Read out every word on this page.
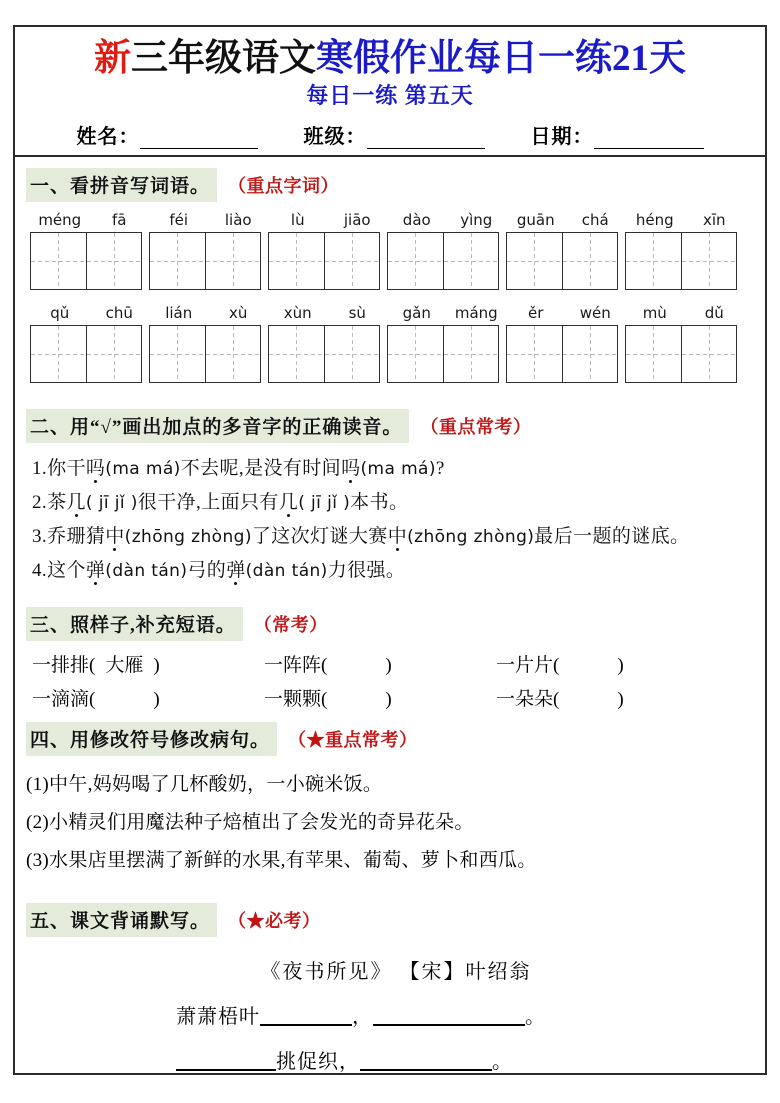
新三年级语文寒假作业每日一练21天
每日一练 第五天
姓名：	班级：	日期：
一、看拼音写词语。	（重点字词）
méng	fā	féi	liào	lù	jiāo	dào	yìng	guān	chá	héng	xīn
qǔ	chū	lián	xù	xùn	sù	gǎn	máng	ěr	wén	mù	dǔ
二、用“√”画出加点的多音字的正确读音。	（重点常考）
1.你干吗(ma má)不去呢,是没有时间吗(ma má)?
2.茶几( jī jǐ )很干净,上面只有几( jī jǐ )本书。
3.乔珊猜中(zhōng zhòng)了这次灯谜大赛中(zhōng zhòng)最后一题的谜底。
4.这个弹(dàn tán)弓的弹(dàn tán)力很强。
三、照样子,补充短语。	（常考）
一排排( 大雁 )	一阵阵(	)	一片片(	)
一滴滴(	)	一颗颗(	)	一朵朵(	)
四、用修改符号修改病句。	（★重点常考）
(1)中午,妈妈喝了几杯酸奶，一小碗米饭。
(2)小精灵们用魔法种子焙植出了会发光的奇异花朵。
(3)水果店里摆满了新鲜的水果,有苹果、葡萄、萝卜和西瓜。
五、课文背诵默写。	（★必考）
《夜书所见》 【宋】叶绍翁
萧萧梧叶	，	。
挑促织，	。
